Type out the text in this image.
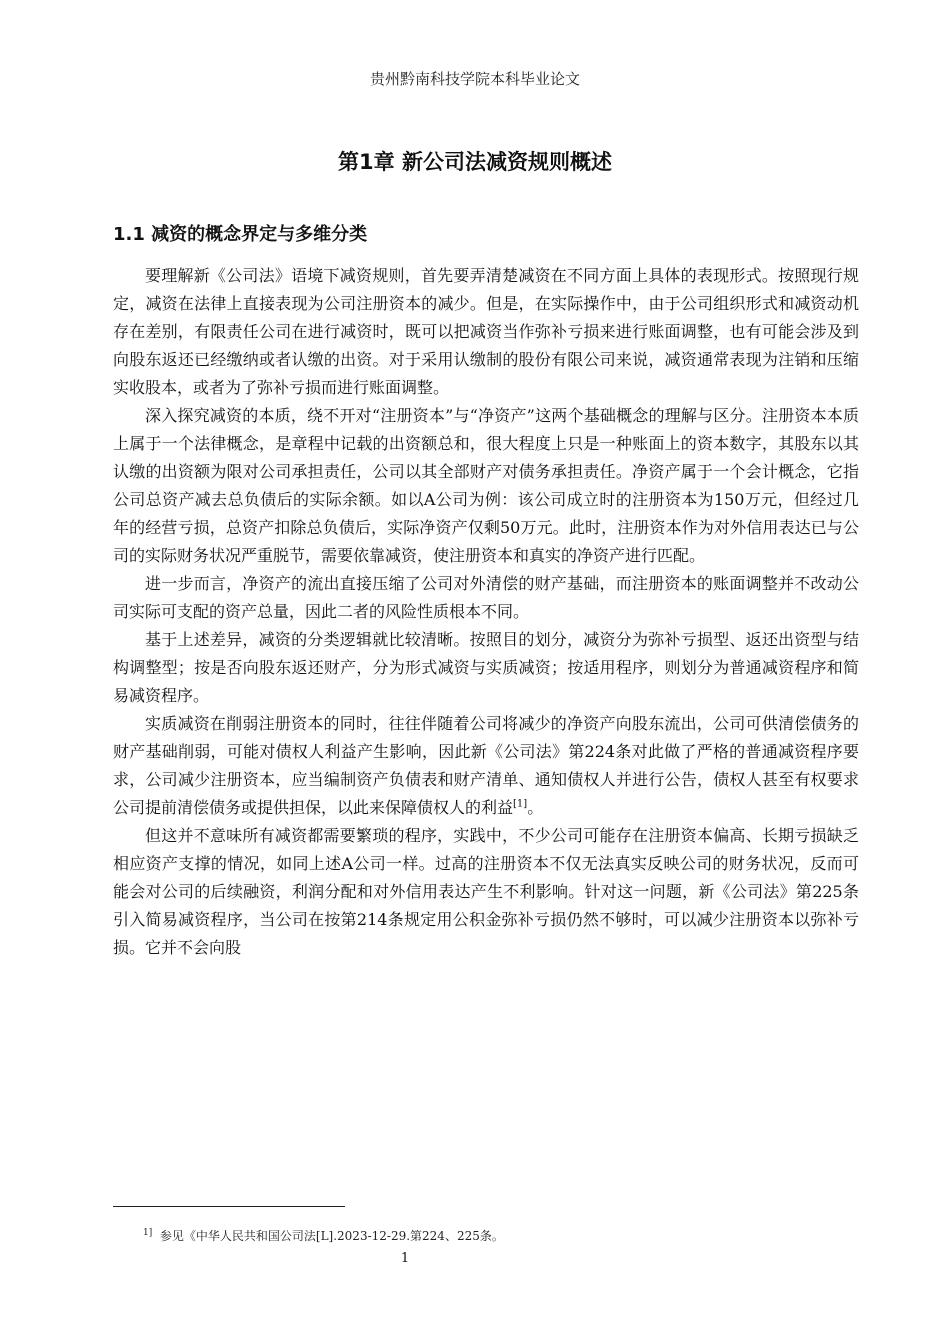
贵州黔南科技学院本科毕业论文
第1章 新公司法减资规则概述
1.1 减资的概念界定与多维分类

要理解新《公司法》语境下减资规则，首先要弄清楚减资在不同方面上具体的表现形式。按照现行规定，减资在法律上直接表现为公司注册资本的减少。但是，在实际操作中，由于公司组织形式和减资动机存在差别，有限责任公司在进行减资时，既可以把减资当作弥补亏损来进行账面调整，也有可能会涉及到向股东返还已经缴纳或者认缴的出资。对于采用认缴制的股份有限公司来说，减资通常表现为注销和压缩实收股本，或者为了弥补亏损而进行账面调整。

深入探究减资的本质，绕不开对“注册资本”与“净资产”这两个基础概念的理解与区分。注册资本本质上属于一个法律概念，是章程中记载的出资额总和，很大程度上只是一种账面上的资本数字，其股东以其认缴的出资额为限对公司承担责任，公司以其全部财产对债务承担责任。净资产属于一个会计概念，它指公司总资产减去总负债后的实际余额。如以A公司为例：该公司成立时的注册资本为150万元，但经过几年的经营亏损，总资产扣除总负债后，实际净资产仅剩50万元。此时，注册资本作为对外信用表达已与公司的实际财务状况严重脱节，需要依靠减资，使注册资本和真实的净资产进行匹配。

进一步而言，净资产的流出直接压缩了公司对外清偿的财产基础，而注册资本的账面调整并不改动公司实际可支配的资产总量，因此二者的风险性质根本不同。

基于上述差异，减资的分类逻辑就比较清晰。按照目的划分，减资分为弥补亏损型、返还出资型与结构调整型；按是否向股东返还财产，分为形式减资与实质减资；按适用程序，则划分为普通减资程序和简易减资程序。

实质减资在削弱注册资本的同时，往往伴随着公司将减少的净资产向股东流出，公司可供清偿债务的财产基础削弱，可能对债权人利益产生影响，因此新《公司法》第224条对此做了严格的普通减资程序要求，公司减少注册资本，应当编制资产负债表和财产清单、通知债权人并进行公告，债权人甚至有权要求公司提前清偿债务或提供担保，以此来保障债权人的利益[1]。

但这并不意味所有减资都需要繁琐的程序，实践中，不少公司可能存在注册资本偏高、长期亏损缺乏相应资产支撑的情况，如同上述A公司一样。过高的注册资本不仅无法真实反映公司的财务状况，反而可能会对公司的后续融资，利润分配和对外信用表达产生不利影响。针对这一问题，新《公司法》第225条引入简易减资程序，当公司在按第214条规定用公积金弥补亏损仍然不够时，可以减少注册资本以弥补亏损。它并不会向股

$^{1]}$ 参见《中华人民共和国公司法[L].2023-12-29.第224、225条。
1
